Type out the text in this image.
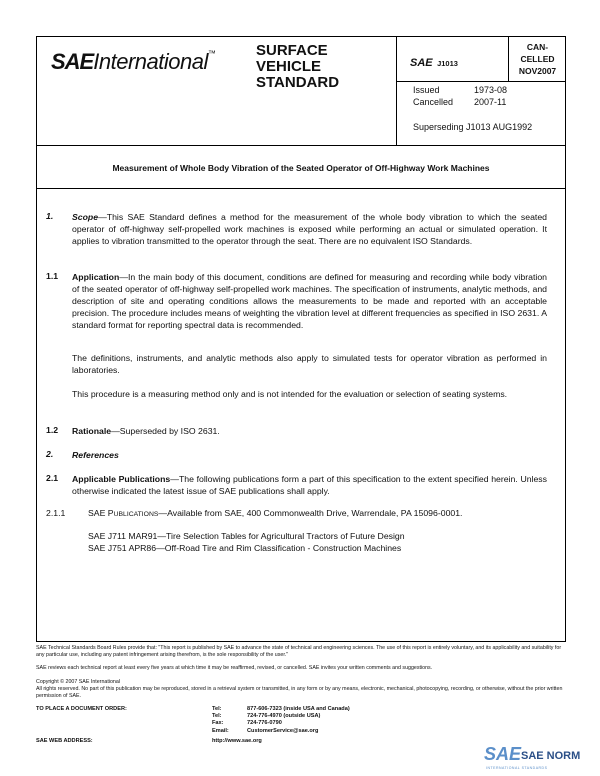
SAEInternational™	SURFACE
VEHICLE
STANDARD
SAE J1013
CAN-
CELLED
NOV2007
Issued	1973-08
Cancelled 2007-11
Superseding J1013 AUG1992
Measurement of Whole Body Vibration of the Seated Operator of Off-Highway Work Machines
1. Scope—This SAE Standard defines a method for the measurement of the whole body vibration to which the seated operator of off-highway self-propelled work machines is exposed while performing an actual or simulated operation. It applies to vibration transmitted to the operator through the seat. There are no equivalent ISO Standards.
1.1 Application—In the main body of this document, conditions are defined for measuring and recording while body vibration of the seated operator of off-highway self-propelled work machines. The specification of instruments, analytic methods, and description of site and operating conditions allows the measurements to be made and reported with an acceptable precision. The procedure includes means of weighting the vibration level at different frequencies as specified in ISO 2631. A standard format for reporting spectral data is recommended.
The definitions, instruments, and analytic methods also apply to simulated tests for operator vibration as performed in laboratories.
This procedure is a measuring method only and is not intended for the evaluation or selection of seating systems.
1.2 Rationale—Superseded by ISO 2631.
2. References
2.1 Applicable Publications—The following publications form a part of this specification to the extent specified herein. Unless otherwise indicated the latest issue of SAE publications shall apply.
2.1.1	SAE PUBLICATIONS—Available from SAE, 400 Commonwealth Drive, Warrendale, PA 15096-0001.
SAE J711 MAR91—Tire Selection Tables for Agricultural Tractors of Future Design
SAE J751 APR86—Off-Road Tire and Rim Classification - Construction Machines
SAE Technical Standards Board Rules provide that: "This report is published by SAE to advance the state of technical and engineering sciences. The use of this report is entirely voluntary, and its applicability and suitability for any particular use, including any patent infringement arising therefrom, is the sole responsibility of the user."
SAE reviews each technical report at least every five years at which time it may be reaffirmed, revised, or cancelled. SAE invites your written comments and suggestions.
Copyright © 2007 SAE International
All rights reserved. No part of this publication may be reproduced, stored in a retrieval system or transmitted, in any form or by any means, electronic, mechanical, photocopying, recording, or otherwise, without the prior written permission of SAE.
TO PLACE A DOCUMENT ORDER:	Tel:	877-606-7323 (inside USA and Canada)
Tel:	724-776-4970 (outside USA)
Fax:	724-776-0790
Email:	CustomerService@sae.org
SAE WEB ADDRESS:	http://www.sae.org
SAE SAE NORM
INTERNATIONAL STANDARDS
